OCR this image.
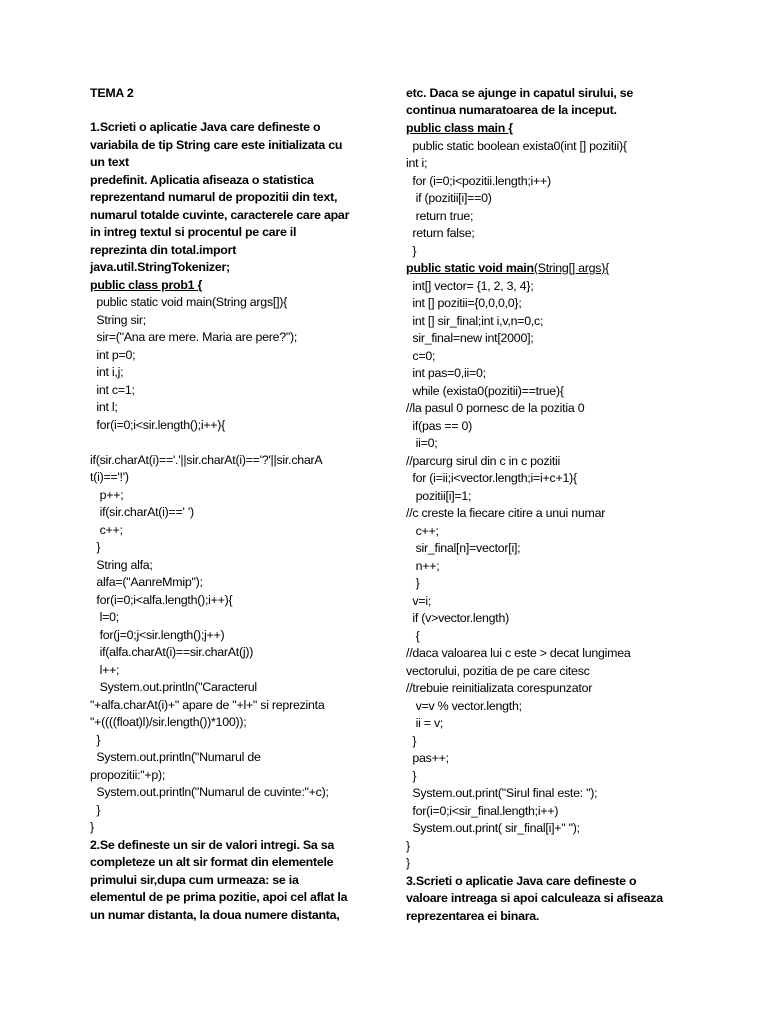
TEMA 2
1.Scrieti o aplicatie Java care defineste o
variabila de tip String care este initializata cu
un text
predefinit. Aplicatia afiseaza o statistica
reprezentand numarul de propozitii din text,
numarul totalde cuvinte, caracterele care apar
in intreg textul si procentul pe care il
reprezinta din total.import
java.util.StringTokenizer;
public class prob1 {
public static void main(String args[]){
String sir;
sir=("Ana are mere. Maria are pere?");
int p=0;
int i,j;
int c=1;
int l;
for(i=0;i<sir.length();i++){
if(sir.charAt(i)=='.'||sir.charAt(i)=='?'||sir.charA
t(i)=='!')
p++;
if(sir.charAt(i)==' ')
c++;
}
String alfa;
alfa=("AanreMmip");
for(i=0;i<alfa.length();i++){
l=0;
for(j=0;j<sir.length();j++)
if(alfa.charAt(i)==sir.charAt(j))
l++;
System.out.println("Caracterul
"+alfa.charAt(i)+" apare de "+l+" si reprezinta
"+((((float)l)/sir.length())*100));
}
System.out.println("Numarul de
propozitii:"+p);
System.out.println("Numarul de cuvinte:"+c);
}
}
2.Se defineste un sir de valori intregi. Sa sa
completeze un alt sir format din elementele
primului sir,dupa cum urmeaza: se ia
elementul de pe prima pozitie, apoi cel aflat la
un numar distanta, la doua numere distanta,
etc. Daca se ajunge in capatul sirului, se
continua numaratoarea de la inceput.
public class main {
public static boolean exista0(int [] pozitii){
int i;
for (i=0;i<pozitii.length;i++)
if (pozitii[i]==0)
return true;
return false;
}
public static void main(String[] args){
int[] vector= {1, 2, 3, 4};
int [] pozitii={0,0,0,0};
int [] sir_final;int i,v,n=0,c;
sir_final=new int[2000];
c=0;
int pas=0,ii=0;
while (exista0(pozitii)==true){
//la pasul 0 pornesc de la pozitia 0
if(pas == 0)
ii=0;
//parcurg sirul din c in c pozitii
for (i=ii;i<vector.length;i=i+c+1){
pozitii[i]=1;
//c creste la fiecare citire a unui numar
c++;
sir_final[n]=vector[i];
n++;
}
v=i;
if (v>vector.length)
{
//daca valoarea lui c este > decat lungimea
vectorului, pozitia de pe care citesc
//trebuie reinitializata corespunzator
v=v % vector.length;
ii = v;
}
pas++;
}
System.out.print("Sirul final este: ");
for(i=0;i<sir_final.length;i++)
System.out.print( sir_final[i]+" ");
}
}
3.Scrieti o aplicatie Java care defineste o
valoare intreaga si apoi calculeaza si afiseaza
reprezentarea ei binara.
